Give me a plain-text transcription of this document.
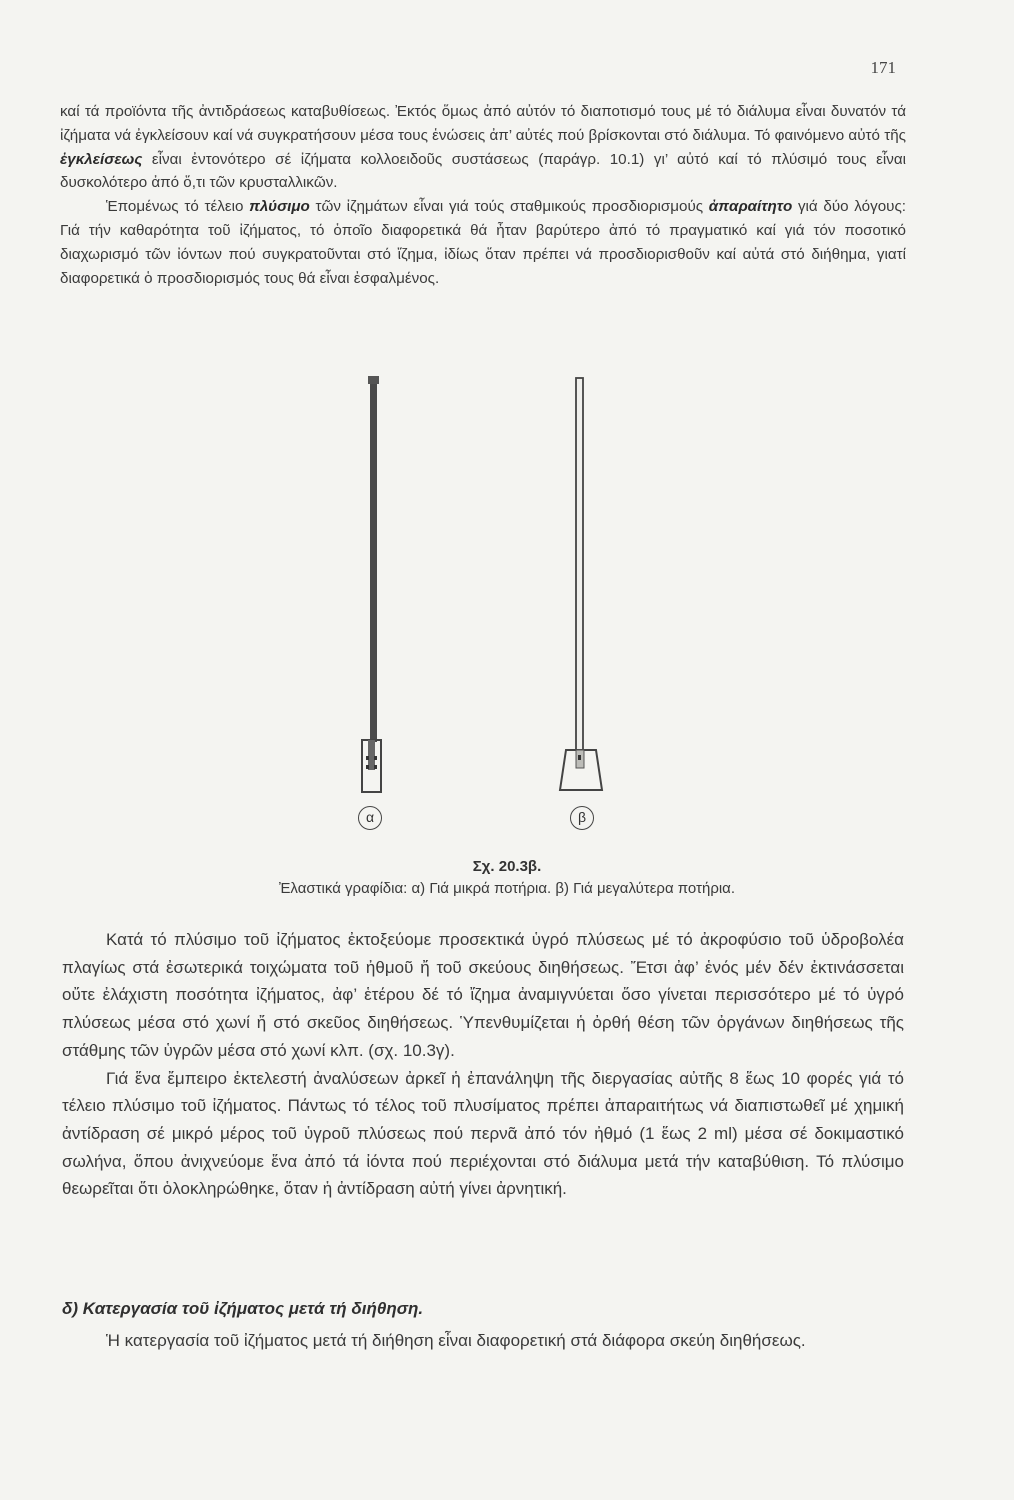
171

καί τά προϊόντα τῆς ἀντιδράσεως καταβυθίσεως. Ἐκτός ὅμως ἀπό αὐτόν τό διαποτισμό τους μέ τό διάλυμα εἶναι δυνατόν τά ἰζήματα νά ἐγκλείσουν καί νά συγκρατήσουν μέσα τους ἑνώσεις ἀπ’ αὐτές πού βρίσκονται στό διάλυμα. Τό φαινόμενο αὐτό τῆς ἐγκλείσεως εἶναι ἐντονότερο σέ ἰζήματα κολλοειδοῦς συστάσεως (παράγρ. 10.1) γι’ αὐτό καί τό πλύσιμό τους εἶναι δυσκολότερο ἀπό ὅ,τι τῶν κρυσταλλικῶν.

Ἑπομένως τό τέλειο πλύσιμο τῶν ἰζημάτων εἶναι γιά τούς σταθμικούς προσδιορισμούς ἀπαραίτητο γιά δύο λόγους: Γιά τήν καθαρότητα τοῦ ἰζήματος, τό ὁποῖο διαφορετικά θά ἦταν βαρύτερο ἀπό τό πραγματικό καί γιά τόν ποσοτικό διαχωρισμό τῶν ἰόντων πού συγκρατοῦνται στό ἴζημα, ἰδίως ὅταν πρέπει νά προσδιορισθοῦν καί αὐτά στό διήθημα, γιατί διαφορετικά ὁ προσδιορισμός τους θά εἶναι ἐσφαλμένος.

α	β
Σχ. 20.3β.
Ἐλαστικά γραφίδια: α) Γιά μικρά ποτήρια. β) Γιά μεγαλύτερα ποτήρια.

Κατά τό πλύσιμο τοῦ ἰζήματος ἐκτοξεύομε προσεκτικά ὑγρό πλύσεως μέ τό ἀκροφύσιο τοῦ ὑδροβολέα πλαγίως στά ἐσωτερικά τοιχώματα τοῦ ἠθμοῦ ἤ τοῦ σκεύους διηθήσεως. Ἔτσι ἀφ’ ἑνός μέν δέν ἐκτινάσσεται οὔτε ἐλάχιστη ποσότητα ἰζήματος, ἀφ’ ἑτέρου δέ τό ἴζημα ἀναμιγνύεται ὅσο γίνεται περισσότερο μέ τό ὑγρό πλύσεως μέσα στό χωνί ἤ στό σκεῦος διηθήσεως. Ὑπενθυμίζεται ἡ ὀρθή θέση τῶν ὀργάνων διηθήσεως τῆς στάθμης τῶν ὑγρῶν μέσα στό χωνί κλπ. (σχ. 10.3γ).

Γιά ἕνα ἔμπειρο ἐκτελεστή ἀναλύσεων ἀρκεῖ ἡ ἐπανάληψη τῆς διεργασίας αὐτῆς 8 ἕως 10 φορές γιά τό τέλειο πλύσιμο τοῦ ἰζήματος. Πάντως τό τέλος τοῦ πλυσίματος πρέπει ἀπαραιτήτως νά διαπιστωθεῖ μέ χημική ἀντίδραση σέ μικρό μέρος τοῦ ὑγροῦ πλύσεως πού περνᾶ ἀπό τόν ἠθμό (1 ἕως 2 ml) μέσα σέ δοκιμαστικό σωλήνα, ὅπου ἀνιχνεύομε ἕνα ἀπό τά ἰόντα πού περιέχονται στό διάλυμα μετά τήν καταβύθιση. Τό πλύσιμο θεωρεῖται ὅτι ὁλοκληρώθηκε, ὅταν ἡ ἀντίδραση αὐτή γίνει ἀρνητική.

δ) Κατεργασία τοῦ ἰζήματος μετά τή διήθηση.

Ἡ κατεργασία τοῦ ἰζήματος μετά τή διήθηση εἶναι διαφορετική στά διάφορα σκεύη διηθήσεως.
